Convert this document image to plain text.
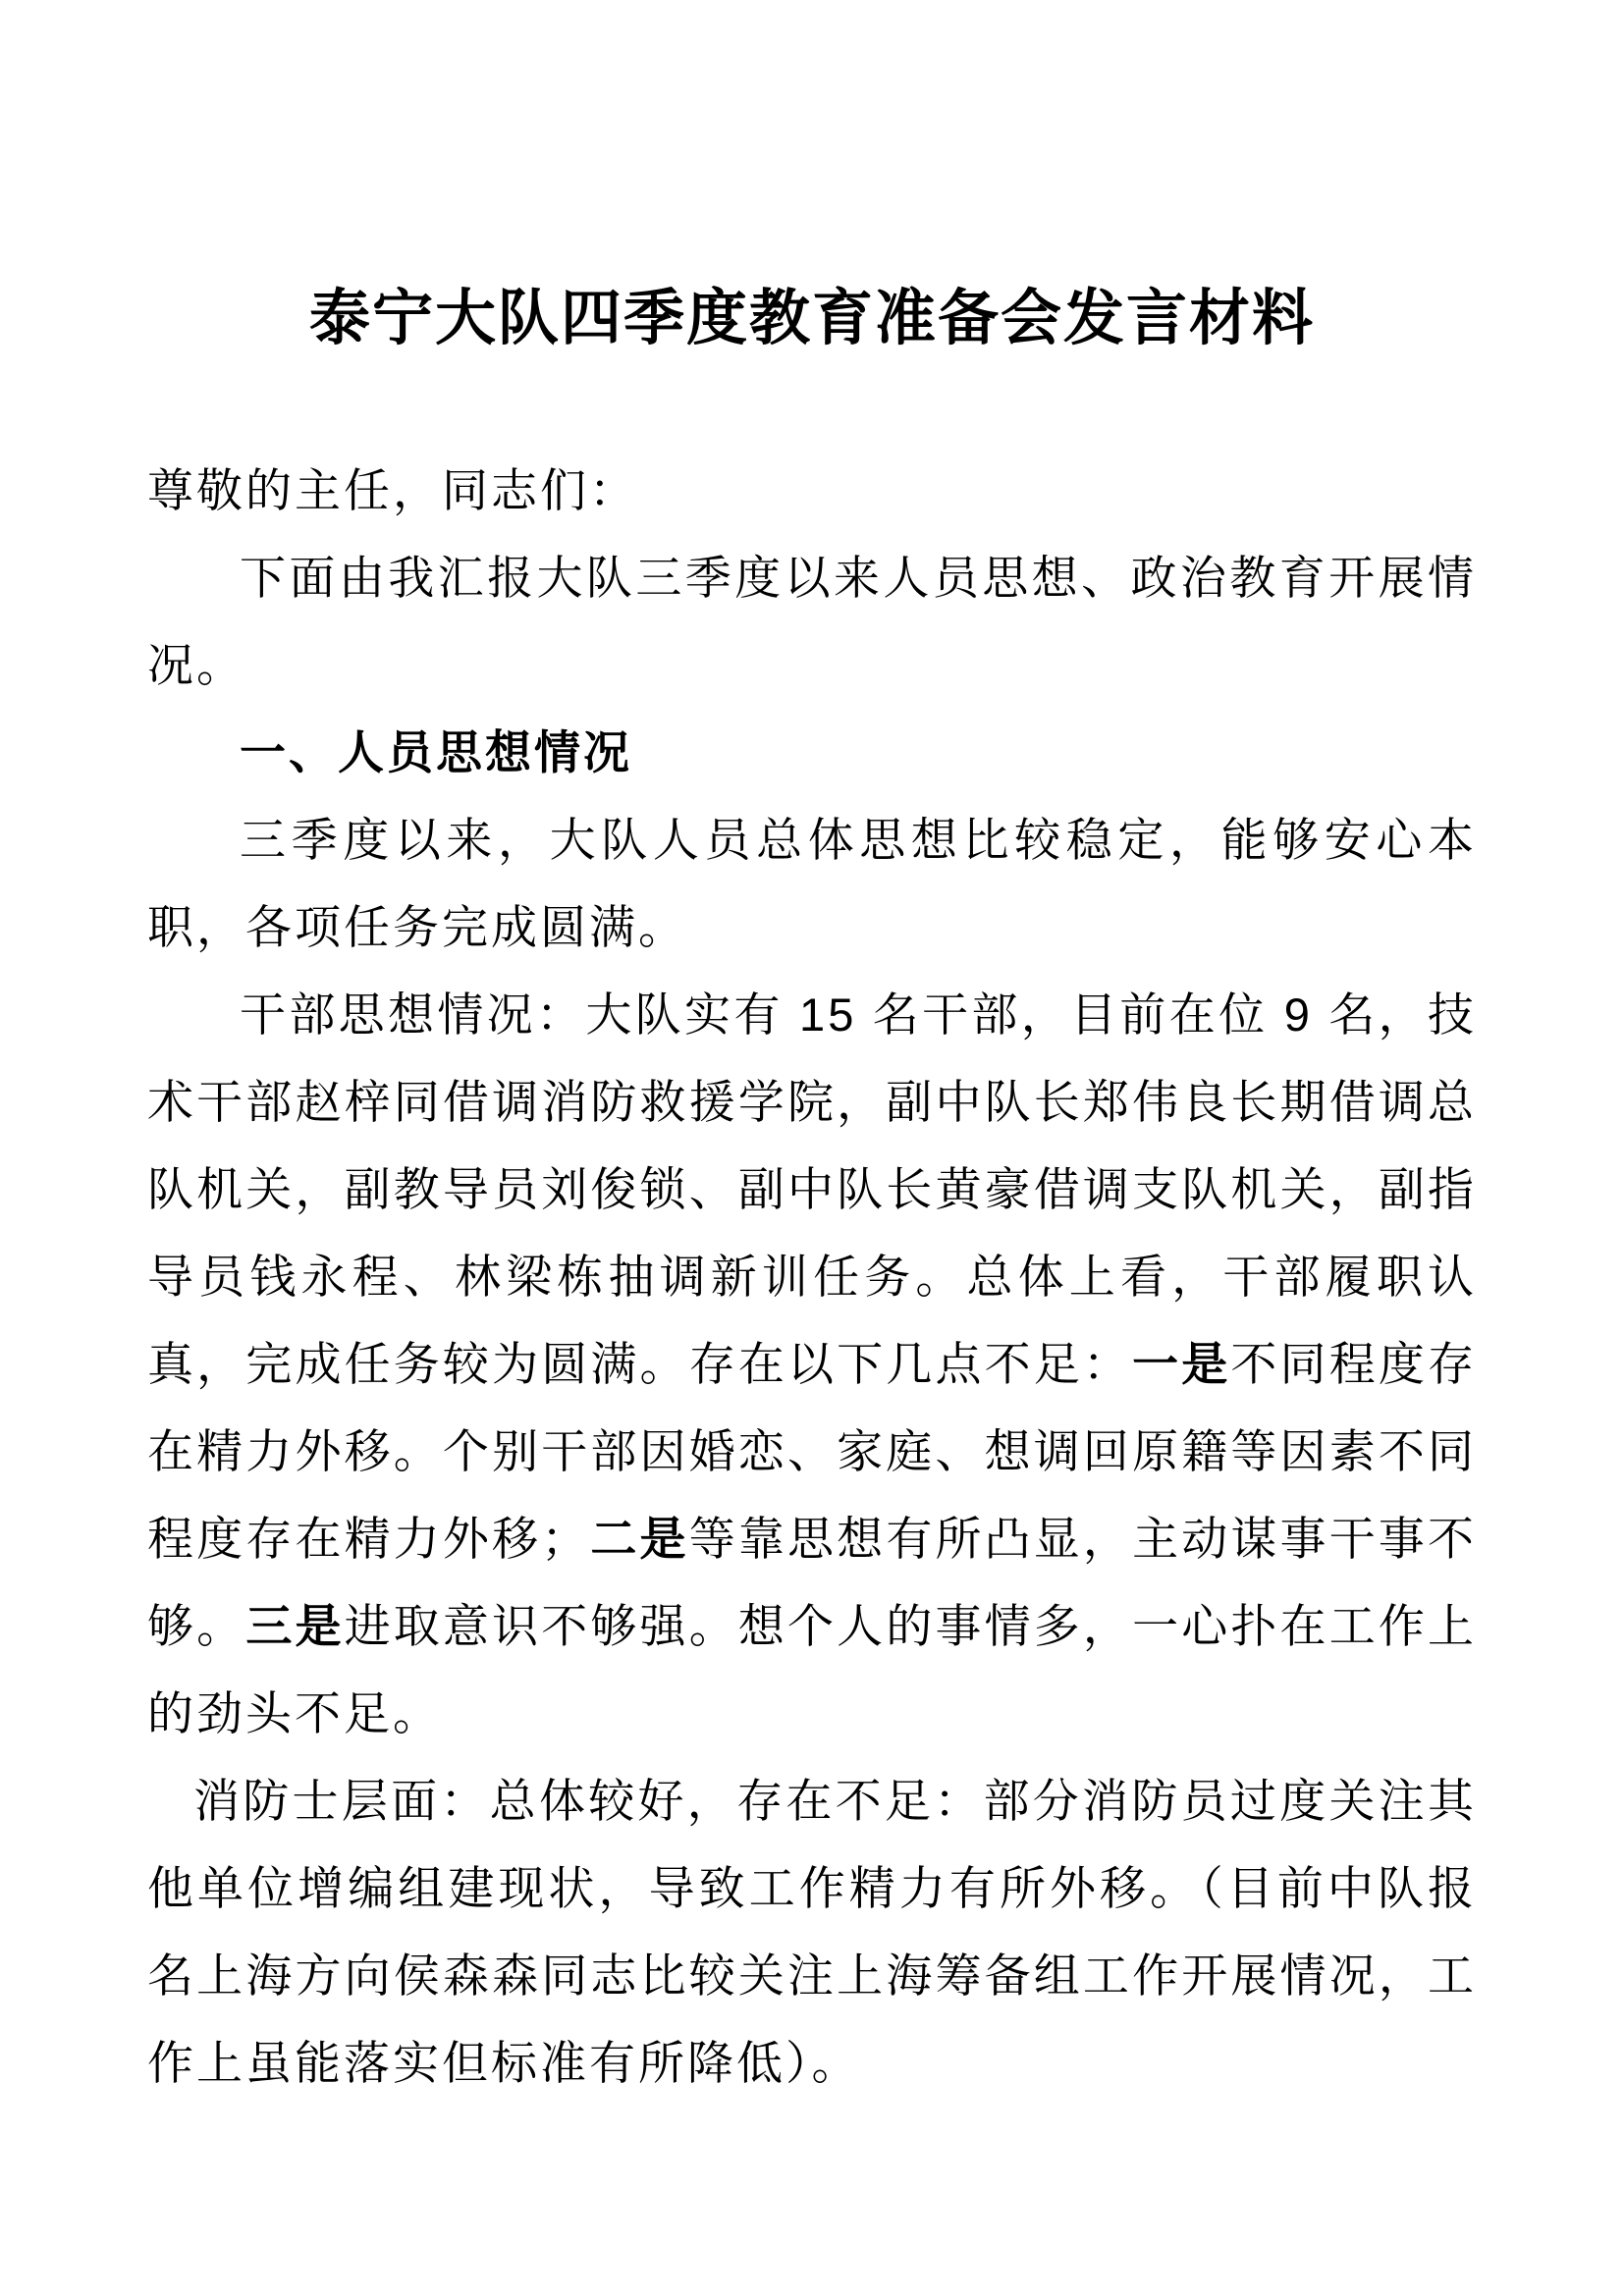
泰宁大队四季度教育准备会发言材料

尊敬的主任，同志们：

下面由我汇报大队三季度以来人员思想、政治教育开展情况。

一、人员思想情况

三季度以来，大队人员总体思想比较稳定，能够安心本职，各项任务完成圆满。

干部思想情况：大队实有 15 名干部，目前在位 9 名，技术干部赵梓同借调消防救援学院，副中队长郑伟良长期借调总队机关，副教导员刘俊锁、副中队长黄豪借调支队机关，副指导员钱永程、林梁栋抽调新训任务。总体上看，干部履职认真，完成任务较为圆满。存在以下几点不足：一是不同程度存在精力外移。个别干部因婚恋、家庭、想调回原籍等因素不同程度存在精力外移；二是等靠思想有所凸显，主动谋事干事不够。三是进取意识不够强。想个人的事情多，一心扑在工作上的劲头不足。

消防士层面：总体较好，存在不足：部分消防员过度关注其他单位增编组建现状，导致工作精力有所外移。（目前中队报名上海方向侯森森同志比较关注上海筹备组工作开展情况，工作上虽能落实但标准有所降低）。
